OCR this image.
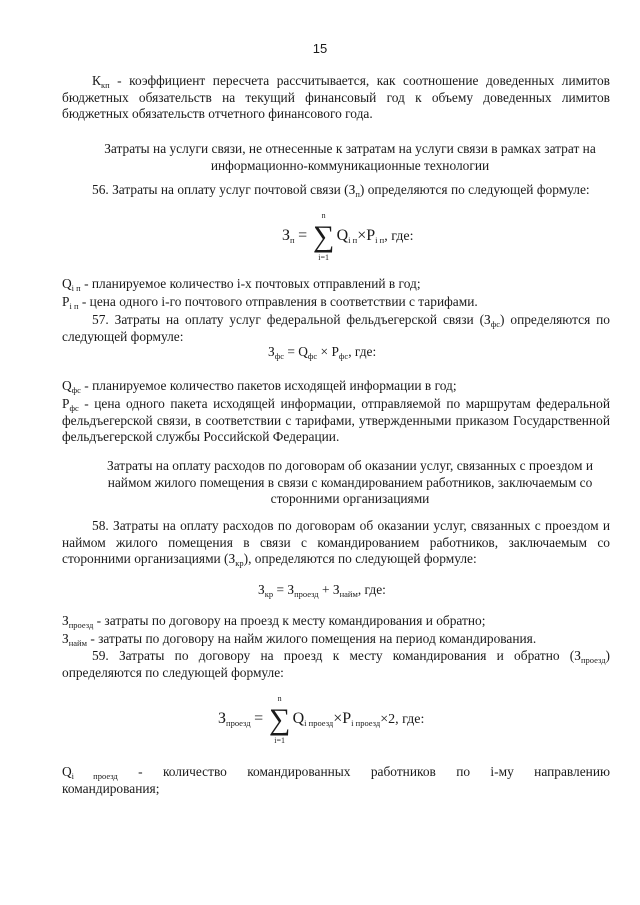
15

$К_{кп}$ - коэффициент пересчета рассчитывается, как соотношение доведенных лимитов бюджетных обязательств на текущий финансовый год к объему доведенных лимитов бюджетных обязательств отчетного финансового года.

Затраты на услуги связи, не отнесенные к затратам на услуги связи в рамках затрат на информационно-коммуникационные технологии

56. Затраты на оплату услуг почтовой связи $(З_п)$ определяются по следующей формуле:

$З_п$ =
n
∑
i=1
$Q_{i п}\times P_{i п}$, где:

$Q_{i п}$ - планируемое количество i-х почтовых отправлений в год;

$P_{i п}$ - цена одного i-го почтового отправления в соответствии с тарифами.

57. Затраты на оплату услуг федеральной фельдъегерской связи $(З_{фс})$ определяются по следующей формуле:

$З_{фс} = Q_{фс} \times P_{фс}$, где:

$Q_{фс}$ - планируемое количество пакетов исходящей информации в год;

$P_{фс}$ - цена одного пакета исходящей информации, отправляемой по маршрутам федеральной фельдъегерской связи, в соответствии с тарифами, утвержденными приказом Государственной фельдъегерской службы Российской Федерации.

Затраты на оплату расходов по договорам об оказании услуг, связанных с проездом и наймом жилого помещения в связи с командированием работников, заключаемым со сторонними организациями

58. Затраты на оплату расходов по договорам об оказании услуг, связанных с проездом и наймом жилого помещения в связи с командированием работников, заключаемым со сторонними организациями $(З_{кр})$, определяются по следующей формуле:

$З_{кр} = З_{проезд} + З_{найм}$, где:

$З_{проезд}$ - затраты по договору на проезд к месту командирования и обратно;

$З_{найм}$ - затраты по договору на найм жилого помещения на период командирования.

59. Затраты по договору на проезд к месту командирования и обратно $(З_{проезд})$ определяются по следующей формуле:

$З_{проезд}$ =
n
∑
i=1
$Q_{i проезд}\times P_{i проезд}\times 2$, где:

$Q_{i проезд}$ - количество командированных работников по i-му направлению командирования;
